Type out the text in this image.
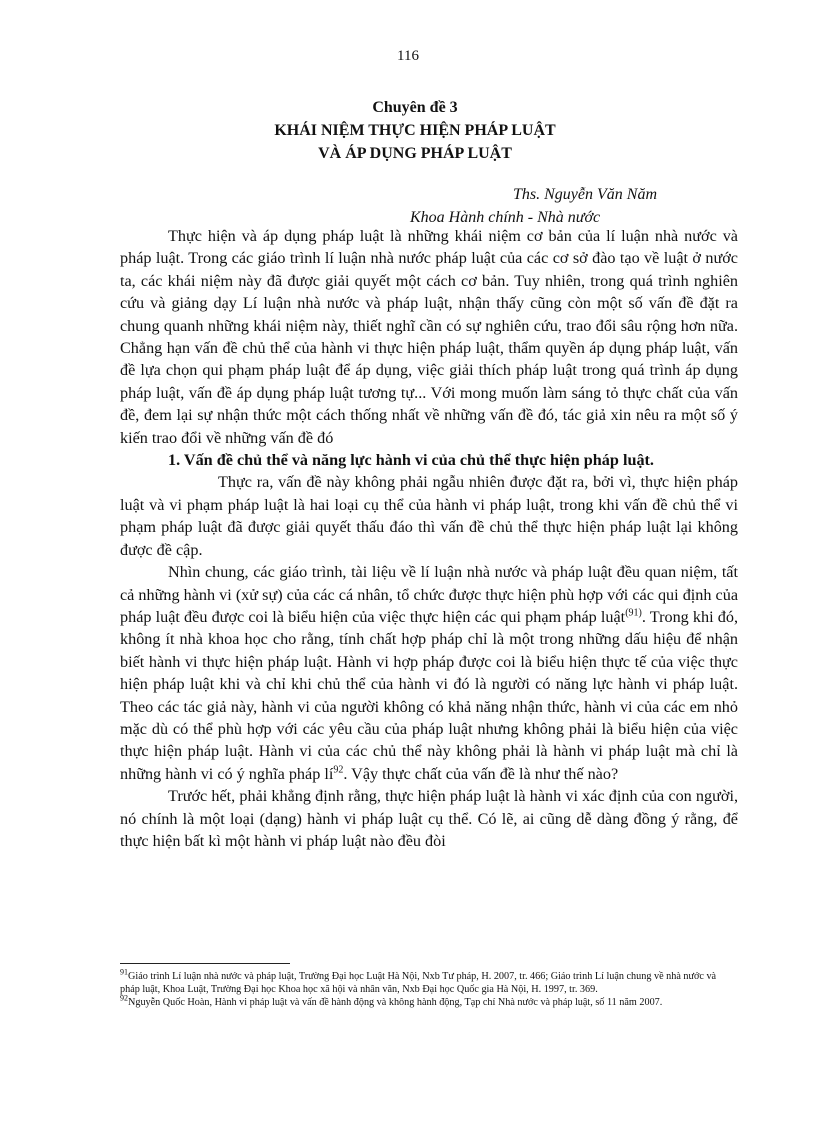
116
Chuyên đề 3
KHÁI NIỆM THỰC HIỆN PHÁP LUẬT
VÀ ÁP DỤNG PHÁP LUẬT
Ths. Nguyễn Văn Năm
Khoa Hành chính - Nhà nước

Thực hiện và áp dụng pháp luật là những khái niệm cơ bản của lí luận nhà nước và pháp luật. Trong các giáo trình lí luận nhà nước pháp luật của các cơ sở đào tạo về luật ở nước ta, các khái niệm này đã được giải quyết một cách cơ bản. Tuy nhiên, trong quá trình nghiên cứu và giảng dạy Lí luận nhà nước và pháp luật, nhận thấy cũng còn một số vấn đề đặt ra chung quanh những khái niệm này, thiết nghĩ cần có sự nghiên cứu, trao đổi sâu rộng hơn nữa. Chẳng hạn vấn đề chủ thể của hành vi thực hiện pháp luật, thẩm quyền áp dụng pháp luật, vấn đề lựa chọn qui phạm pháp luật để áp dụng, việc giải thích pháp luật trong quá trình áp dụng pháp luật, vấn đề áp dụng pháp luật tương tự... Với mong muốn làm sáng tỏ thực chất của vấn đề, đem lại sự nhận thức một cách thống nhất về những vấn đề đó, tác giả xin nêu ra một số ý kiến trao đổi về những vấn đề đó

1. Vấn đề chủ thể và năng lực hành vi của chủ thể thực hiện pháp luật.

Thực ra, vấn đề này không phải ngẫu nhiên được đặt ra, bởi vì, thực hiện pháp luật và vi phạm pháp luật là hai loại cụ thể của hành vi pháp luật, trong khi vấn đề chủ thể vi phạm pháp luật đã được giải quyết thấu đáo thì vấn đề chủ thể thực hiện pháp luật lại không được đề cập.

Nhìn chung, các giáo trình, tài liệu về lí luận nhà nước và pháp luật đều quan niệm, tất cả những hành vi (xử sự) của các cá nhân, tổ chức được thực hiện phù hợp với các qui định của pháp luật đều được coi là biểu hiện của việc thực hiện các qui phạm pháp luật$^{(91)}$. Trong khi đó, không ít nhà khoa học cho rằng, tính chất hợp pháp chỉ là một trong những dấu hiệu để nhận biết hành vi thực hiện pháp luật. Hành vi hợp pháp được coi là biểu hiện thực tế của việc thực hiện pháp luật khi và chỉ khi chủ thể của hành vi đó là người có năng lực hành vi pháp luật. Theo các tác giả này, hành vi của người không có khả năng nhận thức, hành vi của các em nhỏ mặc dù có thể phù hợp với các yêu cầu của pháp luật nhưng không phải là biểu hiện của việc thực hiện pháp luật. Hành vi của các chủ thể này không phải là hành vi pháp luật mà chỉ là những hành vi có ý nghĩa pháp $lí^{92}$. Vậy thực chất của vấn đề là như thế nào?

Trước hết, phải khẳng định rằng, thực hiện pháp luật là hành vi xác định của con người, nó chính là một loại (dạng) hành vi pháp luật cụ thể. Có lẽ, ai cũng dễ dàng đồng ý rằng, để thực hiện bất kì một hành vi pháp luật nào đều đòi

$^{91}$Giáo trình Lí luận nhà nước và pháp luật, Trường Đại học Luật Hà Nội, Nxb Tư pháp, H. 2007, tr. 466; Giáo trình Lí luận chung về nhà nước và pháp luật, Khoa Luật, Trường Đại học Khoa học xã hội và nhân văn, Nxb Đại học Quốc gia Hà Nội, H. 1997, tr. 369.

$^{92}$Nguyễn Quốc Hoàn, Hành vi pháp luật và vấn đề hành động và không hành động, Tạp chí Nhà nước và pháp luật, số 11 năm 2007.
